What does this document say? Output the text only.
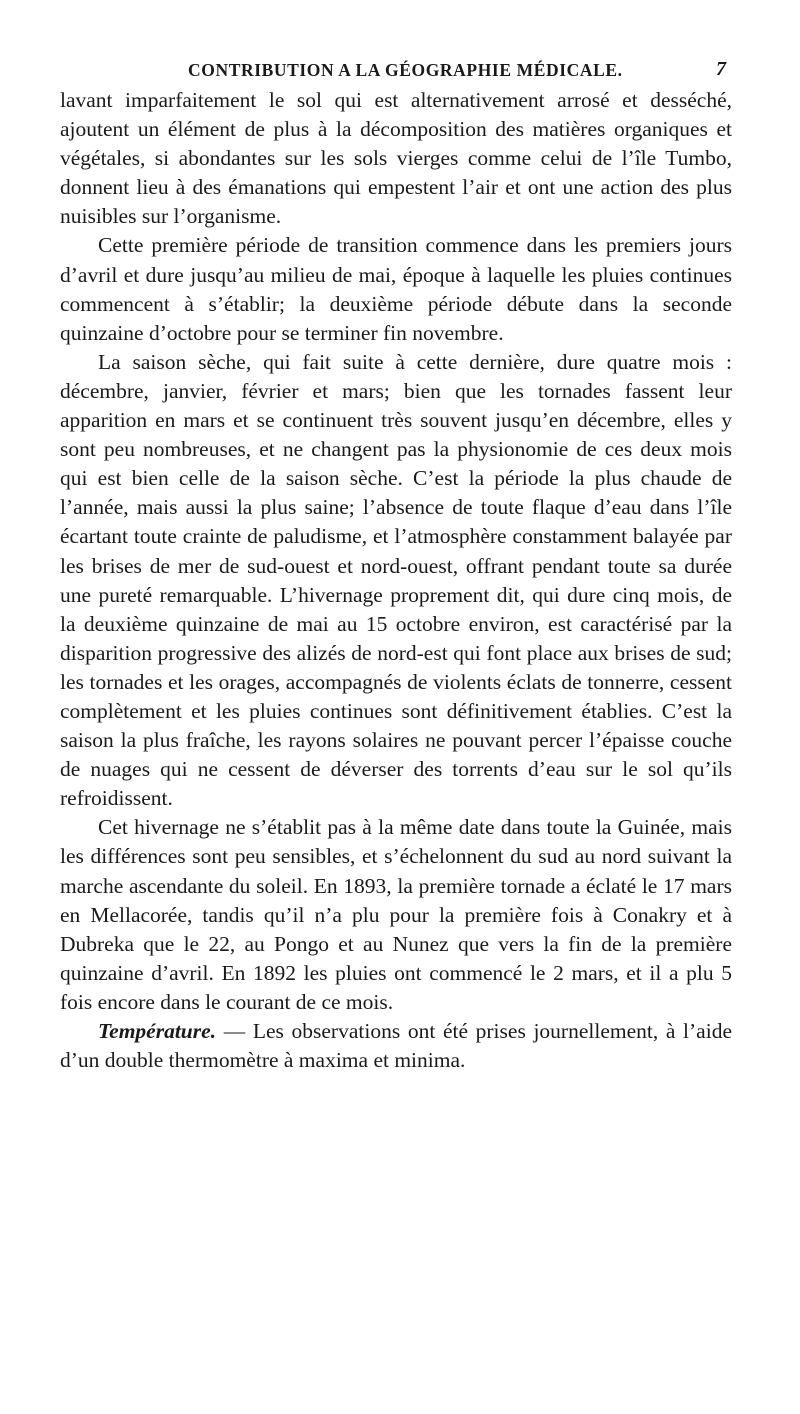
CONTRIBUTION A LA GÉOGRAPHIE MÉDICALE.	7

lavant imparfaitement le sol qui est alternativement arrosé et desséché, ajoutent un élément de plus à la décomposition des matières organiques et végétales, si abondantes sur les sols vierges comme celui de l’île Tumbo, donnent lieu à des émanations qui empestent l’air et ont une action des plus nuisibles sur l’organisme.

Cette première période de transition commence dans les premiers jours d’avril et dure jusqu’au milieu de mai, époque à laquelle les pluies continues commencent à s’établir; la deuxième période débute dans la seconde quinzaine d’octobre pour se terminer fin novembre.

La saison sèche, qui fait suite à cette dernière, dure quatre mois : décembre, janvier, février et mars; bien que les tornades fassent leur apparition en mars et se continuent très souvent jusqu’en décembre, elles y sont peu nombreuses, et ne changent pas la physionomie de ces deux mois qui est bien celle de la saison sèche. C’est la période la plus chaude de l’année, mais aussi la plus saine; l’absence de toute flaque d’eau dans l’île écartant toute crainte de paludisme, et l’atmosphère constamment balayée par les brises de mer de sud-ouest et nord-ouest, offrant pendant toute sa durée une pureté remarquable. L’hivernage proprement dit, qui dure cinq mois, de la deuxième quinzaine de mai au 15 octobre environ, est caractérisé par la disparition progressive des alizés de nord-est qui font place aux brises de sud; les tornades et les orages, accompagnés de violents éclats de tonnerre, cessent complètement et les pluies continues sont définitivement établies. C’est la saison la plus fraîche, les rayons solaires ne pouvant percer l’épaisse couche de nuages qui ne cessent de déverser des torrents d’eau sur le sol qu’ils refroidissent.

Cet hivernage ne s’établit pas à la même date dans toute la Guinée, mais les différences sont peu sensibles, et s’échelonnent du sud au nord suivant la marche ascendante du soleil. En 1893, la première tornade a éclaté le 17 mars en Mellacorée, tandis qu’il n’a plu pour la première fois à Conakry et à Dubreka que le 22, au Pongo et au Nunez que vers la fin de la première quinzaine d’avril. En 1892 les pluies ont commencé le 2 mars, et il a plu 5 fois encore dans le courant de ce mois.

Température. — Les observations ont été prises journellement, à l’aide d’un double thermomètre à maxima et minima.
